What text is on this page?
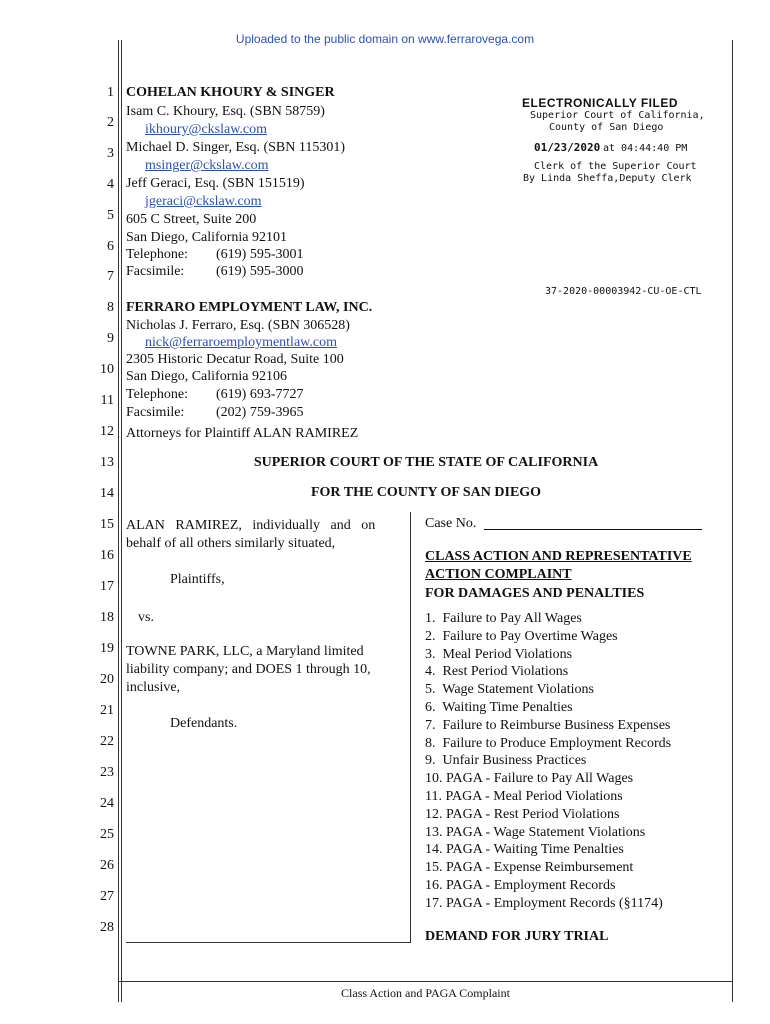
Uploaded to the public domain on www.ferrarovega.com
1
2
3
4
5
6
7
8
9
10
11
12
13
14
15
16
17
18
19
20
21
22
23
24
25
26
27
28
COHELAN KHOURY & SINGER
Isam C. Khoury, Esq. (SBN 58759)
ikhoury@ckslaw.com
Michael D. Singer, Esq. (SBN 115301)
msinger@ckslaw.com
Jeff Geraci, Esq. (SBN 151519)
jgeraci@ckslaw.com
605 C Street, Suite 200
San Diego, California 92101
Telephone: (619) 595-3001
Facsimile: (619) 595-3000
FERRARO EMPLOYMENT LAW, INC.
Nicholas J. Ferraro, Esq. (SBN 306528)
nick@ferraroemploymentlaw.com
2305 Historic Decatur Road, Suite 100
San Diego, California 92106
Telephone: (619) 693-7727
Facsimile: (202) 759-3965
Attorneys for Plaintiff ALAN RAMIREZ
ELECTRONICALLY FILED
Superior Court of California,
County of San Diego
01/23/2020 at 04:44:40 PM
Clerk of the Superior Court
By Linda Sheffa,Deputy Clerk
37-2020-00003942-CU-OE-CTL
SUPERIOR COURT OF THE STATE OF CALIFORNIA
FOR THE COUNTY OF SAN DIEGO
ALAN   RAMIREZ,   individually   and   on
behalf of all others similarly situated,
Plaintiffs,
vs.
TOWNE PARK, LLC, a Maryland limited
liability company; and DOES 1 through 10,
inclusive,
Defendants.
Case No.
CLASS ACTION AND REPRESENTATIVE
ACTION COMPLAINT
FOR DAMAGES AND PENALTIES
1.  Failure to Pay All Wages
2.  Failure to Pay Overtime Wages
3.  Meal Period Violations
4.  Rest Period Violations
5.  Wage Statement Violations
6.  Waiting Time Penalties
7.  Failure to Reimburse Business Expenses
8.  Failure to Produce Employment Records
9.  Unfair Business Practices
10. PAGA - Failure to Pay All Wages
11. PAGA - Meal Period Violations
12. PAGA - Rest Period Violations
13. PAGA - Wage Statement Violations
14. PAGA - Waiting Time Penalties
15. PAGA - Expense Reimbursement
16. PAGA - Employment Records
17. PAGA - Employment Records (§1174)
DEMAND FOR JURY TRIAL
Class Action and PAGA Complaint
